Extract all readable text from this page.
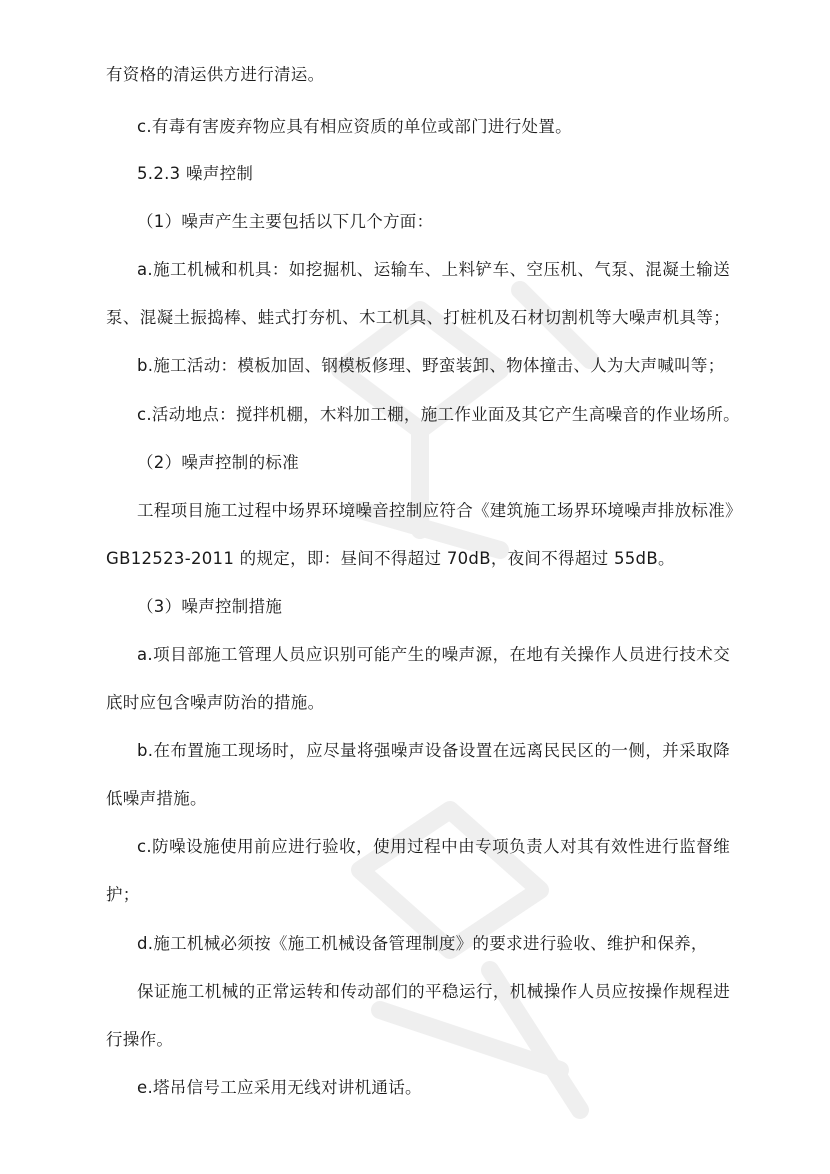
有资格的清运供方进行清运。
c.有毒有害废弃物应具有相应资质的单位或部门进行处置。
5.2.3 噪声控制
（1）噪声产生主要包括以下几个方面：
a.施工机械和机具：如挖掘机、运输车、上料铲车、空压机、气泵、混凝土输送
泵、混凝土振捣棒、蛙式打夯机、木工机具、打桩机及石材切割机等大噪声机具等；
b.施工活动：模板加固、钢模板修理、野蛮装卸、物体撞击、人为大声喊叫等；
c.活动地点：搅拌机棚，木料加工棚，施工作业面及其它产生高噪音的作业场所。
（2）噪声控制的标准
工程项目施工过程中场界环境噪音控制应符合《建筑施工场界环境噪声排放标准》
GB12523-2011 的规定，即：昼间不得超过 70dB，夜间不得超过 55dB。
（3）噪声控制措施
a.项目部施工管理人员应识别可能产生的噪声源，在地有关操作人员进行技术交
底时应包含噪声防治的措施。
b.在布置施工现场时，应尽量将强噪声设备设置在远离民民区的一侧，并采取降
低噪声措施。
c.防噪设施使用前应进行验收，使用过程中由专项负责人对其有效性进行监督维
护；
d.施工机械必须按《施工机械设备管理制度》的要求进行验收、维护和保养，
保证施工机械的正常运转和传动部们的平稳运行，机械操作人员应按操作规程进
行操作。
e.塔吊信号工应采用无线对讲机通话。
